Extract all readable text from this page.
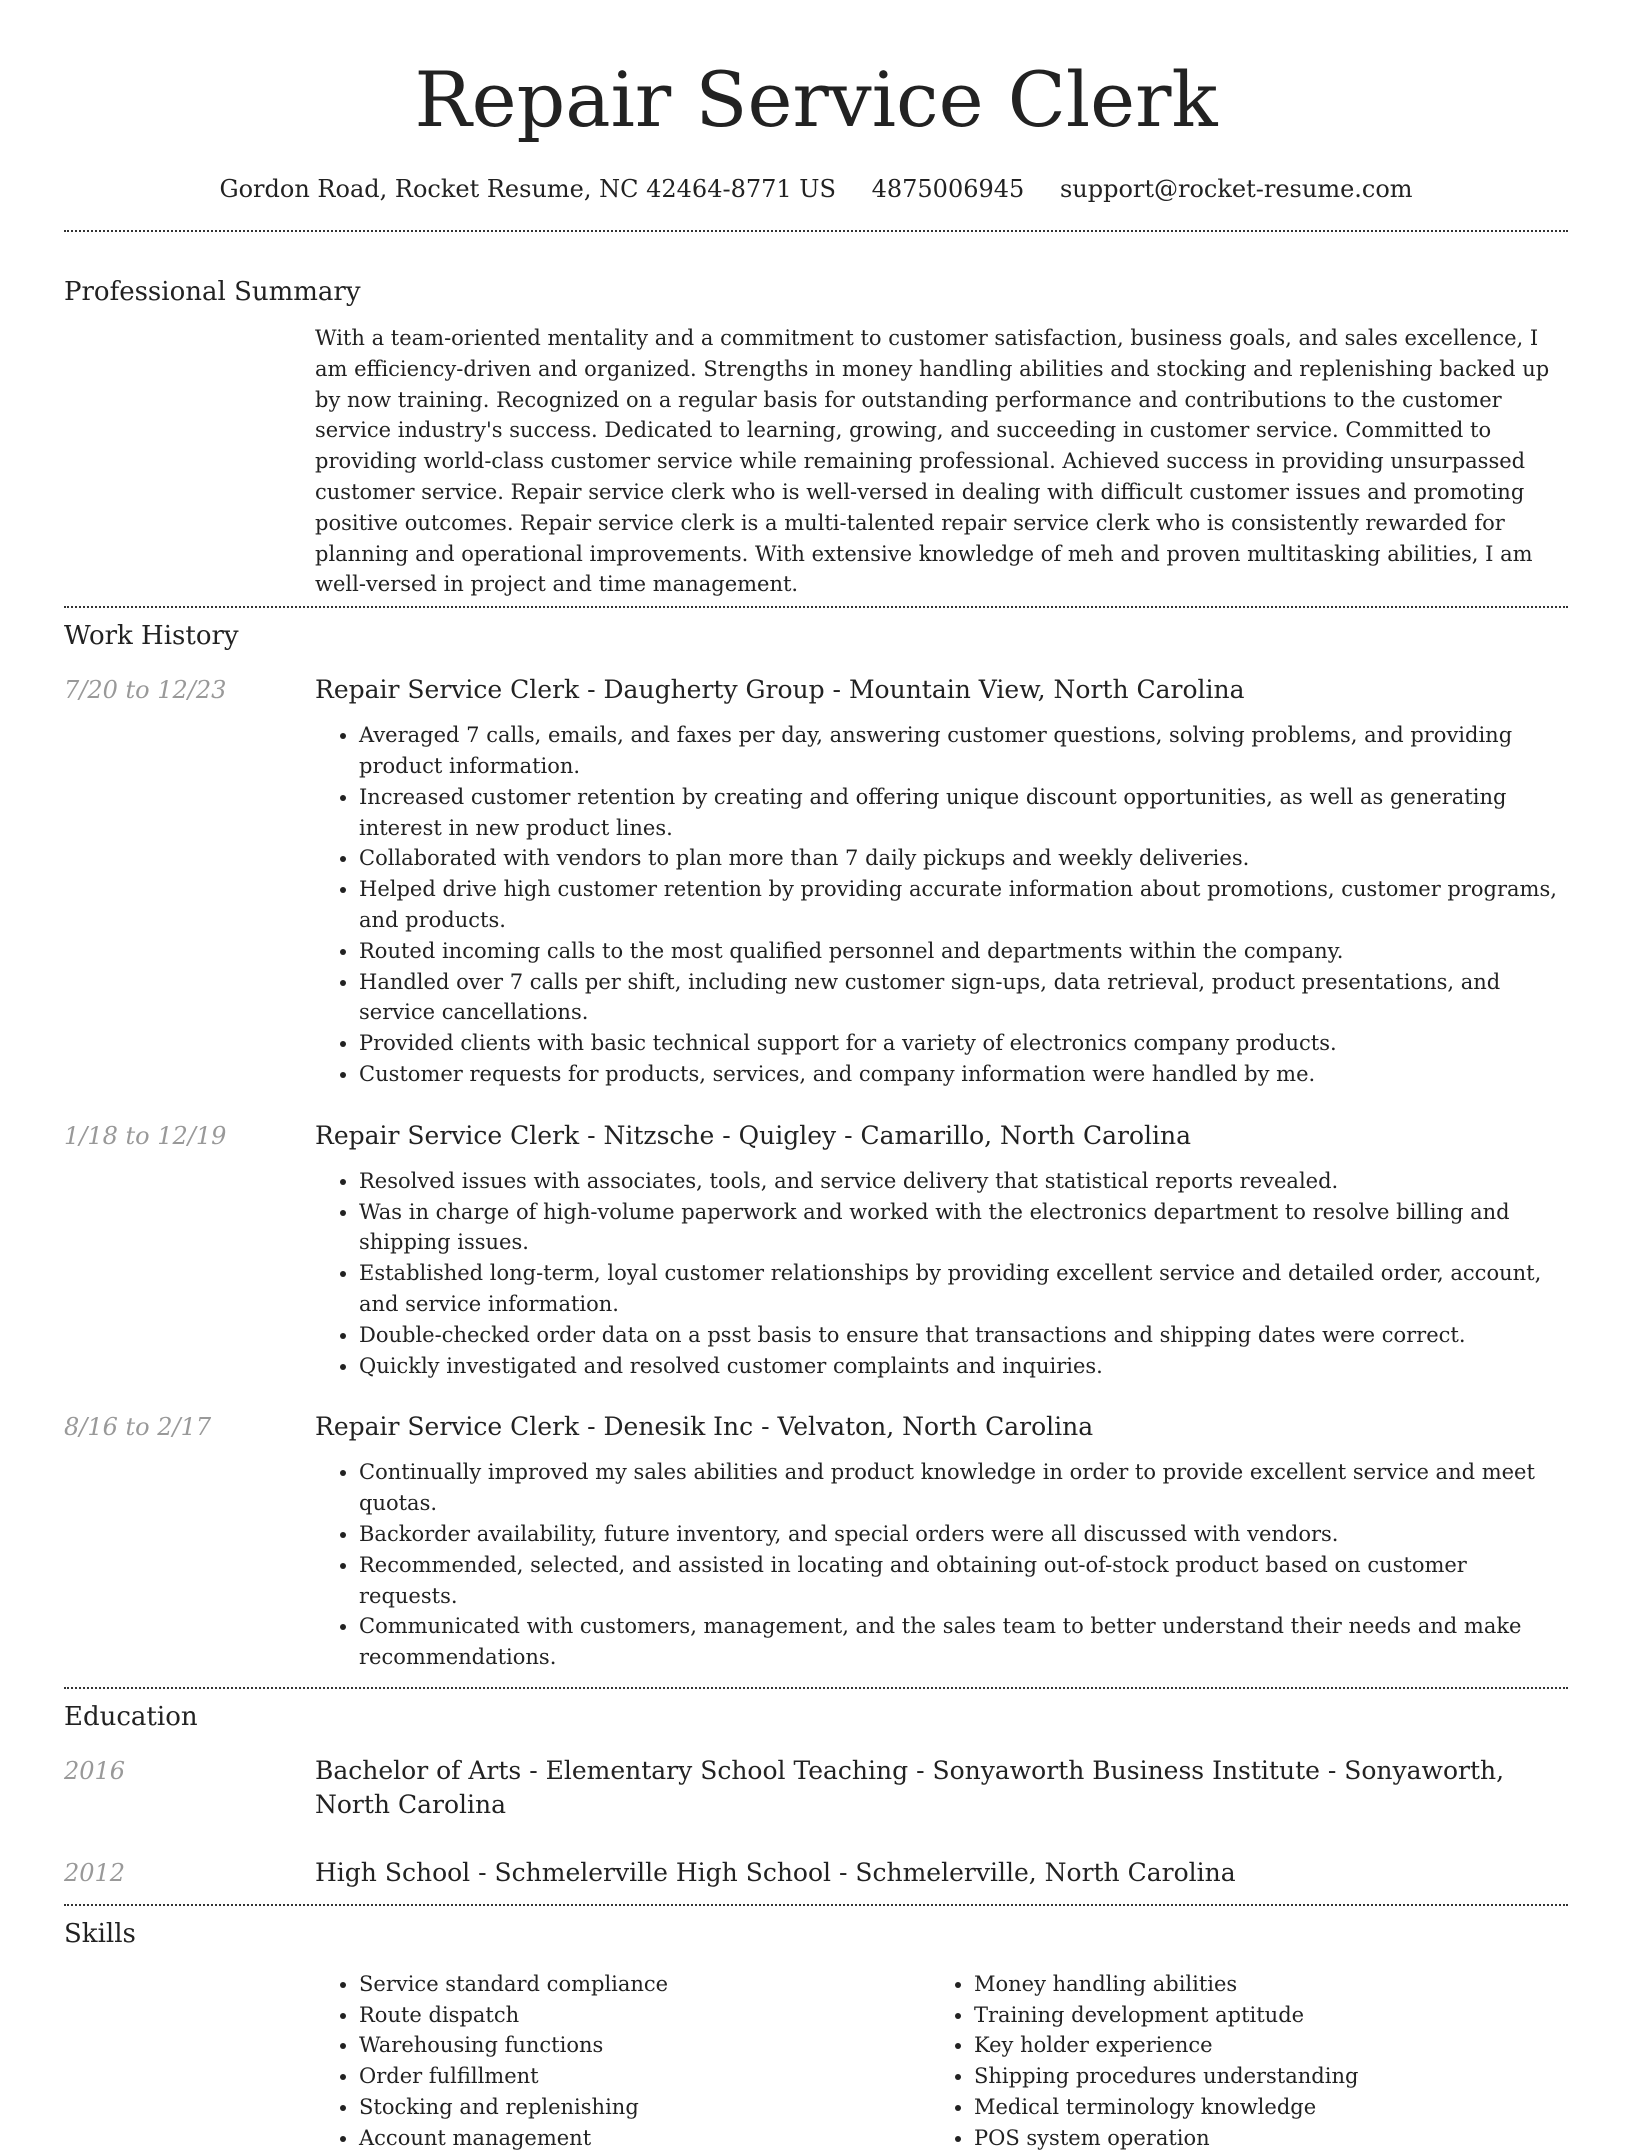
Repair Service Clerk
Gordon Road, Rocket Resume, NC 42464-8771 US 4875006945 support@rocket-resume.com
Professional Summary
With a team-oriented mentality and a commitment to customer satisfaction, business goals, and sales excellence, I am efficiency-driven and organized. Strengths in money handling abilities and stocking and replenishing backed up by now training. Recognized on a regular basis for outstanding performance and contributions to the customer service industry's success. Dedicated to learning, growing, and succeeding in customer service. Committed to providing world-class customer service while remaining professional. Achieved success in providing unsurpassed customer service. Repair service clerk who is well-versed in dealing with difficult customer issues and promoting positive outcomes. Repair service clerk is a multi-talented repair service clerk who is consistently rewarded for planning and operational improvements. With extensive knowledge of meh and proven multitasking abilities, I am well-versed in project and time management.
Work History
7/20 to 12/23	Repair Service Clerk - Daugherty Group - Mountain View, North Carolina
• Averaged 7 calls, emails, and faxes per day, answering customer questions, solving problems, and providing product information.
• Increased customer retention by creating and offering unique discount opportunities, as well as generating interest in new product lines.
• Collaborated with vendors to plan more than 7 daily pickups and weekly deliveries.
• Helped drive high customer retention by providing accurate information about promotions, customer programs, and products.
• Routed incoming calls to the most qualified personnel and departments within the company.
• Handled over 7 calls per shift, including new customer sign-ups, data retrieval, product presentations, and service cancellations.
• Provided clients with basic technical support for a variety of electronics company products.
• Customer requests for products, services, and company information were handled by me.
1/18 to 12/19	Repair Service Clerk - Nitzsche - Quigley - Camarillo, North Carolina
• Resolved issues with associates, tools, and service delivery that statistical reports revealed.
• Was in charge of high-volume paperwork and worked with the electronics department to resolve billing and shipping issues.
• Established long-term, loyal customer relationships by providing excellent service and detailed order, account, and service information.
• Double-checked order data on a psst basis to ensure that transactions and shipping dates were correct.
• Quickly investigated and resolved customer complaints and inquiries.
8/16 to 2/17	Repair Service Clerk - Denesik Inc - Velvaton, North Carolina
• Continually improved my sales abilities and product knowledge in order to provide excellent service and meet quotas.
• Backorder availability, future inventory, and special orders were all discussed with vendors.
• Recommended, selected, and assisted in locating and obtaining out-of-stock product based on customer requests.
• Communicated with customers, management, and the sales team to better understand their needs and make recommendations.
Education
2016	Bachelor of Arts - Elementary School Teaching - Sonyaworth Business Institute - Sonyaworth, North Carolina
2012	High School - Schmelerville High School - Schmelerville, North Carolina
Skills
• Service standard compliance
• Route dispatch
• Warehousing functions
• Order fulfillment
• Stocking and replenishing
• Account management
• Money handling abilities
• Training development aptitude
• Key holder experience
• Shipping procedures understanding
• Medical terminology knowledge
• POS system operation
